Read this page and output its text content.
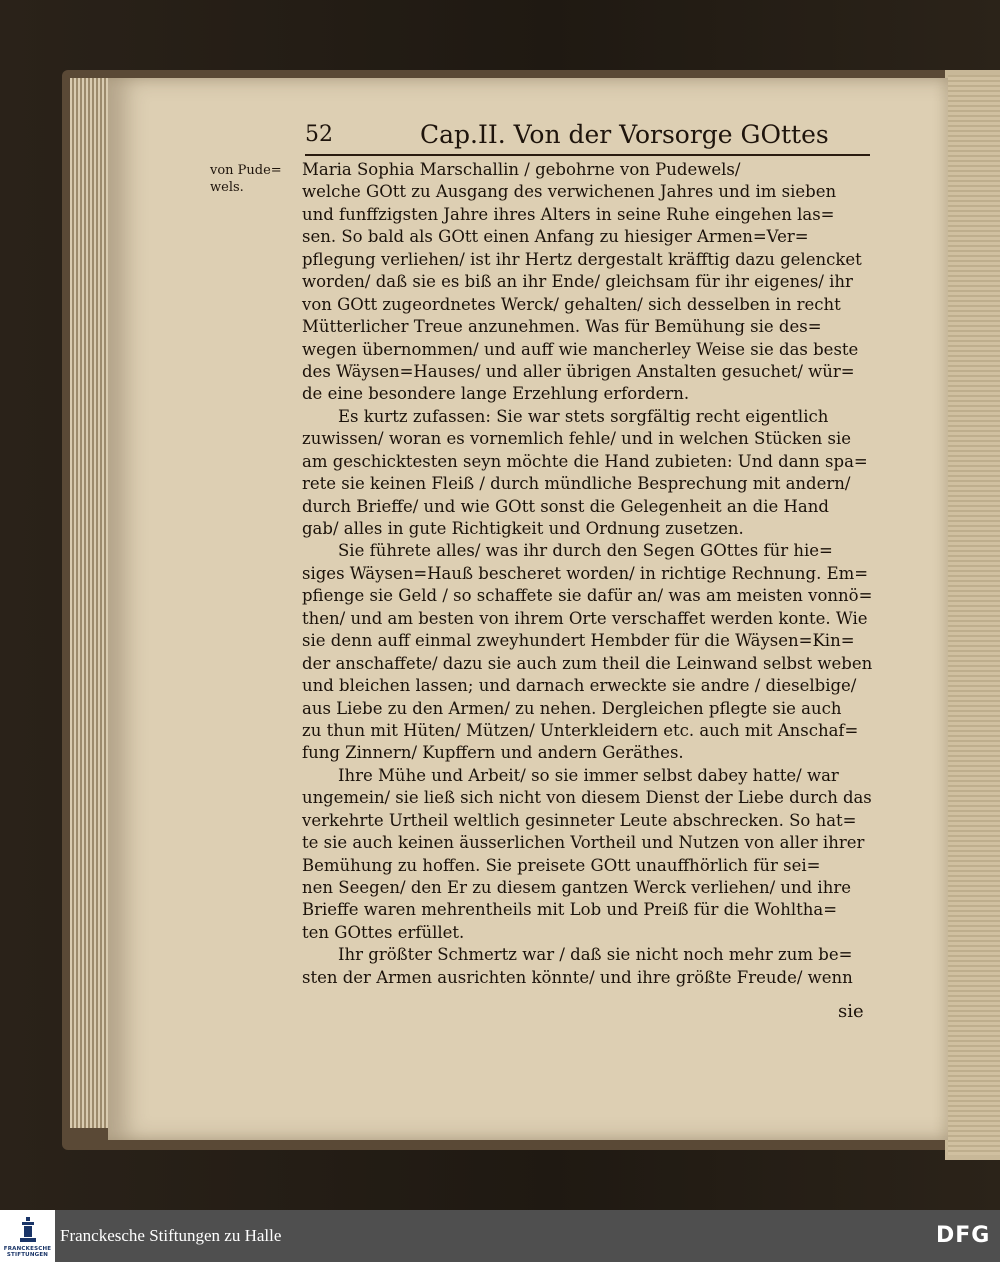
52	Cap.II. Von der Vorsorge GOttes
von Pude=
wels.
Maria Sophia Marschallin / gebohrne von Pudewels/
welche GOtt zu Ausgang des verwichenen Jahres und im sieben
und funffzigsten Jahre ihres Alters in seine Ruhe eingehen las=
sen. So bald als GOtt einen Anfang zu hiesiger Armen=Ver=
pflegung verliehen/ ist ihr Hertz dergestalt kräfftig dazu gelencket
worden/ daß sie es biß an ihr Ende/ gleichsam für ihr eigenes/ ihr
von GOtt zugeordnetes Werck/ gehalten/ sich desselben in recht
Mütterlicher Treue anzunehmen. Was für Bemühung sie des=
wegen übernommen/ und auff wie mancherley Weise sie das beste
des Wäysen=Hauses/ und aller übrigen Anstalten gesuchet/ wür=
de eine besondere lange Erzehlung erfordern.
Es kurtz zufassen: Sie war stets sorgfältig recht eigentlich
zuwissen/ woran es vornemlich fehle/ und in welchen Stücken sie
am geschicktesten seyn möchte die Hand zubieten: Und dann spa=
rete sie keinen Fleiß / durch mündliche Besprechung mit andern/
durch Brieffe/ und wie GOtt sonst die Gelegenheit an die Hand
gab/ alles in gute Richtigkeit und Ordnung zusetzen.
Sie führete alles/ was ihr durch den Segen GOttes für hie=
siges Wäysen=Hauß bescheret worden/ in richtige Rechnung. Em=
pfienge sie Geld / so schaffete sie dafür an/ was am meisten vonnö=
then/ und am besten von ihrem Orte verschaffet werden konte. Wie
sie denn auff einmal zweyhundert Hembder für die Wäysen=Kin=
der anschaffete/ dazu sie auch zum theil die Leinwand selbst weben
und bleichen lassen; und darnach erweckte sie andre / dieselbige/
aus Liebe zu den Armen/ zu nehen. Dergleichen pflegte sie auch
zu thun mit Hüten/ Mützen/ Unterkleidern etc. auch mit Anschaf=
fung Zinnern/ Kupffern und andern Geräthes.
Ihre Mühe und Arbeit/ so sie immer selbst dabey hatte/ war
ungemein/ sie ließ sich nicht von diesem Dienst der Liebe durch das
verkehrte Urtheil weltlich gesinneter Leute abschrecken. So hat=
te sie auch keinen äusserlichen Vortheil und Nutzen von aller ihrer
Bemühung zu hoffen. Sie preisete GOtt unauffhörlich für sei=
nen Seegen/ den Er zu diesem gantzen Werck verliehen/ und ihre
Brieffe waren mehrentheils mit Lob und Preiß für die Wohltha=
ten GOttes erfüllet.
Ihr größter Schmertz war / daß sie nicht noch mehr zum be=
sten der Armen ausrichten könnte/ und ihre größte Freude/ wenn
sie
FRANCKESCHE STIFTUNGEN
Franckesche Stiftungen zu Halle	DFG
